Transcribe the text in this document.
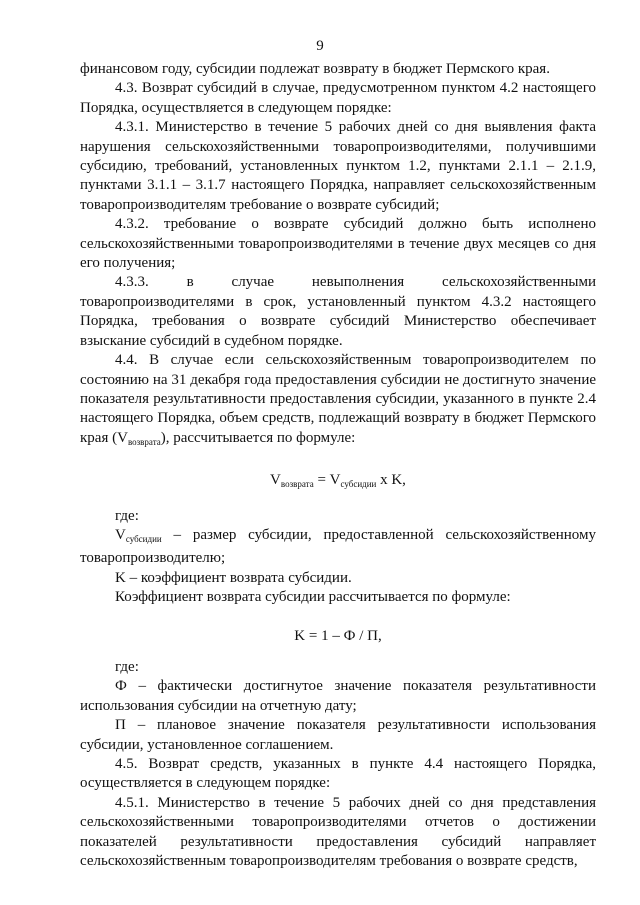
9

финансовом году, субсидии подлежат возврату в бюджет Пермского края.

4.3. Возврат субсидий в случае, предусмотренном пунктом 4.2 настоящего Порядка, осуществляется в следующем порядке:

4.3.1. Министерство в течение 5 рабочих дней со дня выявления факта нарушения сельскохозяйственными товаропроизводителями, получившими субсидию, требований, установленных пунктом 1.2, пунктами 2.1.1 – 2.1.9, пунктами 3.1.1 – 3.1.7 настоящего Порядка, направляет сельскохозяйственным товаропроизводителям требование о возврате субсидий;

4.3.2. требование о возврате субсидий должно быть исполнено сельскохозяйственными товаропроизводителями в течение двух месяцев со дня его получения;

4.3.3. в случае невыполнения сельскохозяйственными товаропроизводителями в срок, установленный пунктом 4.3.2 настоящего Порядка, требования о возврате субсидий Министерство обеспечивает взыскание субсидий в судебном порядке.

4.4. В случае если сельскохозяйственным товаропроизводителем по состоянию на 31 декабря года предоставления субсидии не достигнуто значение показателя результативности предоставления субсидии, указанного в пункте 2.4 настоящего Порядка, объем средств, подлежащий возврату в бюджет Пермского края $(V_{возврата})$, рассчитывается по формуле:

$V_{возврата} = V_{субсидии}$ x K,

где:

$V_{субсидии}$ – размер субсидии, предоставленной сельскохозяйственному товаропроизводителю;

K – коэффициент возврата субсидии.

Коэффициент возврата субсидии рассчитывается по формуле:

K = 1 – Ф / П,

где:

Ф – фактически достигнутое значение показателя результативности использования субсидии на отчетную дату;

П – плановое значение показателя результативности использования субсидии, установленное соглашением.

4.5. Возврат средств, указанных в пункте 4.4 настоящего Порядка, осуществляется в следующем порядке:

4.5.1. Министерство в течение 5 рабочих дней со дня представления сельскохозяйственными товаропроизводителями отчетов о достижении показателей результативности предоставления субсидий направляет сельскохозяйственным товаропроизводителям требования о возврате средств,
